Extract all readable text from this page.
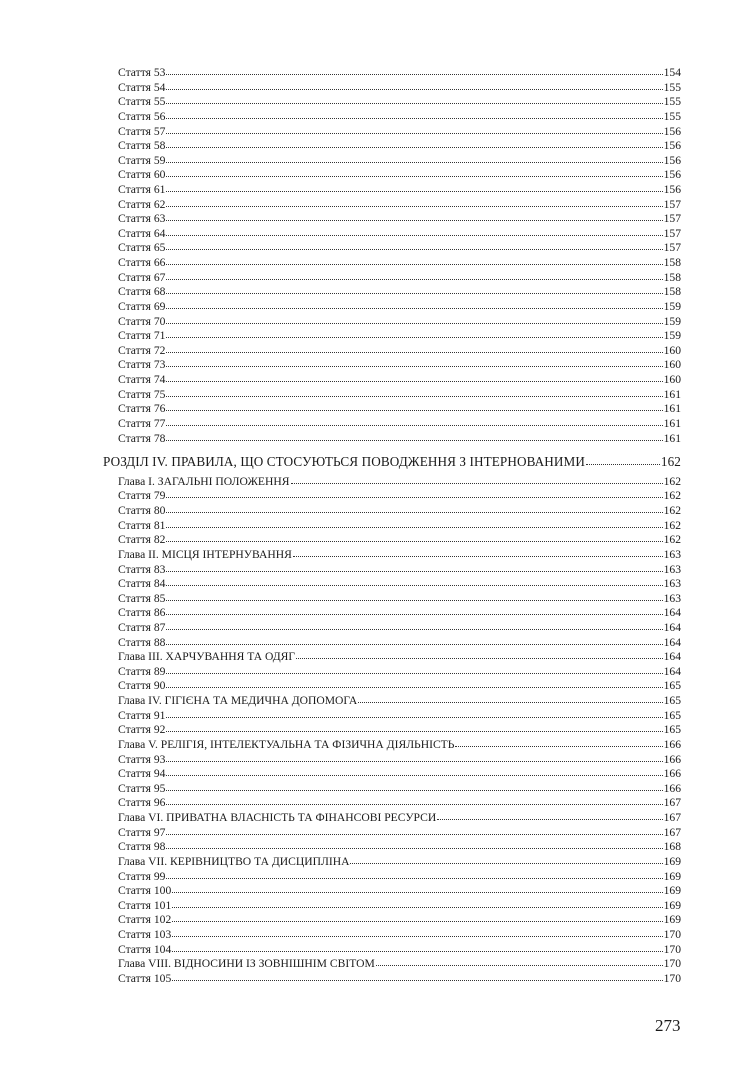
Стаття 53	154
Стаття 54	155
Стаття 55	155
Стаття 56	155
Стаття 57	156
Стаття 58	156
Стаття 59	156
Стаття 60	156
Стаття 61	156
Стаття 62	157
Стаття 63	157
Стаття 64	157
Стаття 65	157
Стаття 66	158
Стаття 67	158
Стаття 68	158
Стаття 69	159
Стаття 70	159
Стаття 71	159
Стаття 72	160
Стаття 73	160
Стаття 74	160
Стаття 75	161
Стаття 76	161
Стаття 77	161
Стаття 78	161
РОЗДІЛ IV. ПРАВИЛА, ЩО СТОСУЮТЬСЯ ПОВОДЖЕННЯ З ІНТЕРНОВАНИМИ	162
Глава І. ЗАГАЛЬНІ ПОЛОЖЕННЯ	162
Стаття 79	162
Стаття 80	162
Стаття 81	162
Стаття 82	162
Глава ІІ. МІСЦЯ ІНТЕРНУВАННЯ	163
Стаття 83	163
Стаття 84	163
Стаття 85	163
Стаття 86	164
Стаття 87	164
Стаття 88	164
Глава ІІІ. ХАРЧУВАННЯ ТА ОДЯГ	164
Стаття 89	164
Стаття 90	165
Глава IV. ГІГІЄНА ТА МЕДИЧНА ДОПОМОГА	165
Стаття 91	165
Стаття 92	165
Глава V. РЕЛІГІЯ, ІНТЕЛЕКТУАЛЬНА ТА ФІЗИЧНА ДІЯЛЬНІСТЬ	166
Стаття 93	166
Стаття 94	166
Стаття 95	166
Стаття 96	167
Глава VI. ПРИВАТНА ВЛАСНІСТЬ ТА ФІНАНСОВІ РЕСУРСИ	167
Стаття 97	167
Стаття 98	168
Глава VII. КЕРІВНИЦТВО ТА ДИСЦИПЛІНА	169
Стаття 99	169
Стаття 100	169
Стаття 101	169
Стаття 102	169
Стаття 103	170
Стаття 104	170
Глава VIII. ВІДНОСИНИ ІЗ ЗОВНІШНІМ СВІТОМ	170
Стаття 105	170
273
